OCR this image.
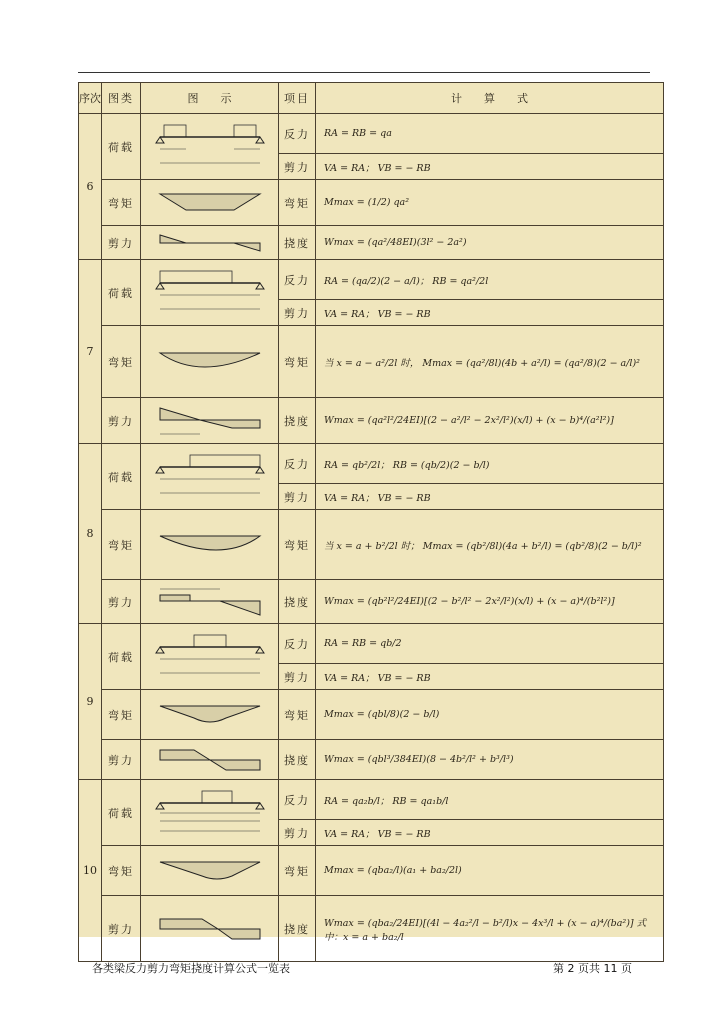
序次	图类	图　　示	项目	计　　算　　式
6	荷载		反力	RA = RB = qa
			剪力	VA = RA； VB = − RB
	弯矩		弯矩	Mmax = (1/2) qa²
	剪力		挠度	Wmax = (qa²/48EI)(3l² − 2a²)
7	荷载		反力	RA = (qa/2)(2 − a/l)； RB = qa²/2l
			剪力	VA = RA； VB = − RB
	弯矩		弯矩	当 x = a − a²/2l 时， Mmax = (qa²/8l)(4b + a²/l) = (qa²/8)(2 − a/l)²
	剪力		挠度	Wmax = (qa²l²/24EI)[(2 − a²/l² − 2x²/l²)(x/l) + (x − b)⁴/(a²l²)]
8	荷载		反力	RA = qb²/2l； RB = (qb/2)(2 − b/l)
			剪力	VA = RA； VB = − RB
	弯矩		弯矩	当 x = a + b²/2l 时； Mmax = (qb²/8l)(4a + b²/l) = (qb²/8)(2 − b/l)²
	剪力		挠度	Wmax = (qb²l²/24EI)[(2 − b²/l² − 2x²/l²)(x/l) + (x − a)⁴/(b²l²)]
9	荷载		反力	RA = RB = qb/2
			剪力	VA = RA； VB = − RB
	弯矩		弯矩	Mmax = (qbl/8)(2 − b/l)
	剪力		挠度	Wmax = (qbl³/384EI)(8 − 4b²/l² + b³/l³)
10	荷载		反力	RA = qa₂b/l； RB = qa₁b/l
			剪力	VA = RA； VB = − RB
	弯矩		弯矩	Mmax = (qba₂/l)(a₁ + ba₂/2l)
	剪力		挠度	Wmax = (qba₂/24EI)[(4l − 4a₂²/l − b²/l)x − 4x³/l + (x − a)⁴/(ba²)] 式中：x = a + ba₂/l
各类梁反力剪力弯矩挠度计算公式一览表	第 2 页共 11 页
